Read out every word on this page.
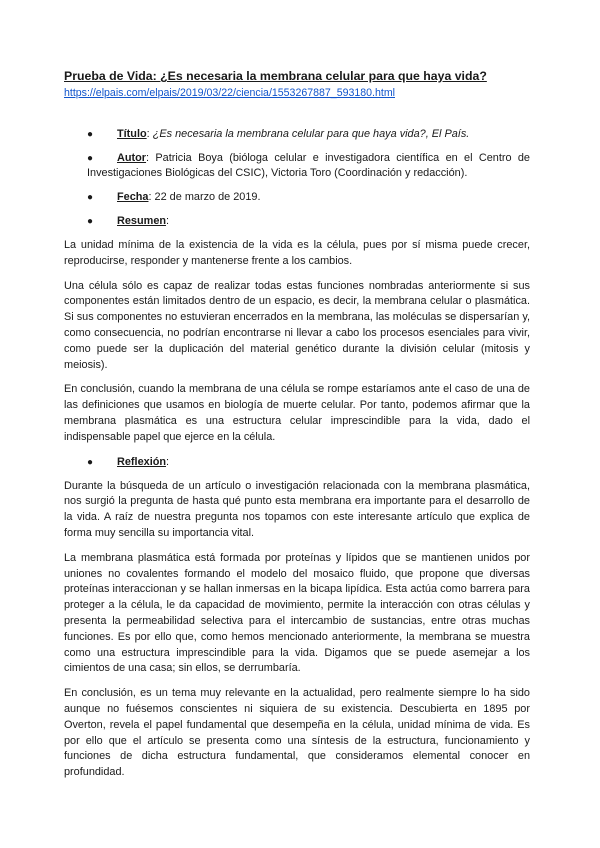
Prueba de Vida: ¿Es necesaria la membrana celular para que haya vida?

https://elpais.com/elpais/2019/03/22/ciencia/1553267887_593180.html

●	Título: ¿Es necesaria la membrana celular para que haya vida?, El País.
●	Autor: Patricia Boya (bióloga celular e investigadora científica en el Centro de Investigaciones Biológicas del CSIC), Victoria Toro (Coordinación y redacción).
●	Fecha: 22 de marzo de 2019.
●	Resumen:

La unidad mínima de la existencia de la vida es la célula, pues por sí misma puede crecer, reproducirse, responder y mantenerse frente a los cambios.

Una célula sólo es capaz de realizar todas estas funciones nombradas anteriormente si sus componentes están limitados dentro de un espacio, es decir, la membrana celular o plasmática. Si sus componentes no estuvieran encerrados en la membrana, las moléculas se dispersarían y, como consecuencia, no podrían encontrarse ni llevar a cabo los procesos esenciales para vivir, como puede ser la duplicación del material genético durante la división celular (mitosis y meiosis).

En conclusión, cuando la membrana de una célula se rompe estaríamos ante el caso de una de las definiciones que usamos en biología de muerte celular. Por tanto, podemos afirmar que la membrana plasmática es una estructura celular imprescindible para la vida, dado el indispensable papel que ejerce en la célula.

●	Reflexión:

Durante la búsqueda de un artículo o investigación relacionada con la membrana plasmática, nos surgió la pregunta de hasta qué punto esta membrana era importante para el desarrollo de la vida. A raíz de nuestra pregunta nos topamos con este interesante artículo que explica de forma muy sencilla su importancia vital.

La membrana plasmática está formada por proteínas y lípidos que se mantienen unidos por uniones no covalentes formando el modelo del mosaico fluido, que propone que diversas proteínas interaccionan y se hallan inmersas en la bicapa lipídica. Esta actúa como barrera para proteger a la célula, le da capacidad de movimiento, permite la interacción con otras células y presenta la permeabilidad selectiva para el intercambio de sustancias, entre otras muchas funciones. Es por ello que, como hemos mencionado anteriormente, la membrana se muestra como una estructura imprescindible para la vida. Digamos que se puede asemejar a los cimientos de una casa; sin ellos, se derrumbaría.

En conclusión, es un tema muy relevante en la actualidad, pero realmente siempre lo ha sido aunque no fuésemos conscientes ni siquiera de su existencia. Descubierta en 1895 por Overton, revela el papel fundamental que desempeña en la célula, unidad mínima de vida. Es por ello que el artículo se presenta como una síntesis de la estructura, funcionamiento y funciones de dicha estructura fundamental, que consideramos elemental conocer en profundidad.
